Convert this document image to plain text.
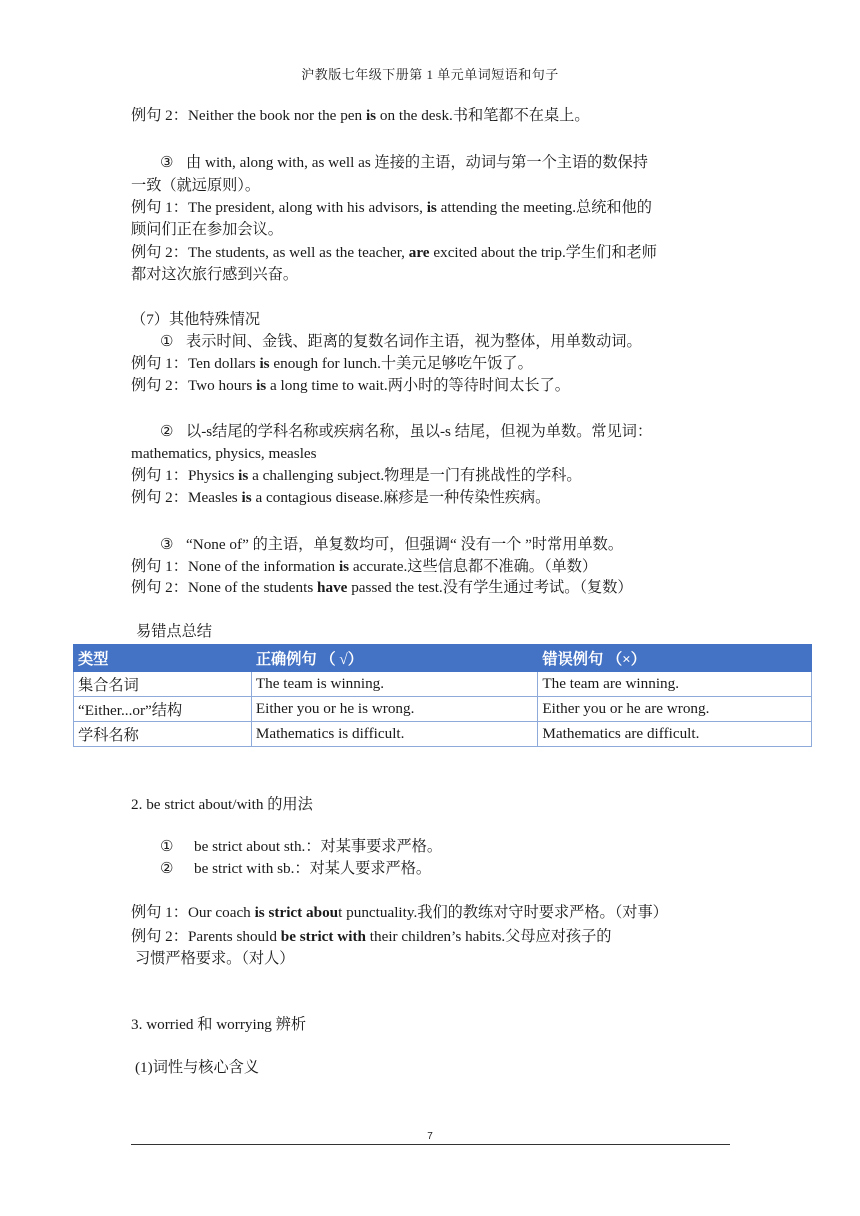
沪教版七年级下册第 1 单元单词短语和句子
例句 2：Neither the book nor the pen is on the desk.书和笔都不在桌上。
③ 由 with, along with, as well as 连接的主语，动词与第一个主语的数保持
一致（就远原则）。
例句 1：The president, along with his advisors, is attending the meeting.总统和他的
顾问们正在参加会议。
例句 2：The students, as well as the teacher, are excited about the trip.学生们和老师
都对这次旅行感到兴奋。
（7）其他特殊情况
① 表示时间、金钱、距离的复数名词作主语，视为整体，用单数动词。
例句 1：Ten dollars is enough for lunch.十美元足够吃午饭了。
例句 2：Two hours is a long time to wait.两小时的等待时间太长了。
② 以-s结尾的学科名称或疾病名称，虽以-s 结尾，但视为单数。常见词：
mathematics, physics, measles
例句 1：Physics is a challenging subject.物理是一门有挑战性的学科。
例句 2：Measles is a contagious disease.麻疹是一种传染性疾病。
③ “None of” 的主语，单复数均可，但强调“ 没有一个 ”时常用单数。
例句 1：None of the information is accurate.这些信息都不准确。（单数）
例句 2：None of the students have passed the test.没有学生通过考试。（复数）
易错点总结
类型	正确例句 （ √）	错误例句 （×）
集合名词	The team is winning.	The team are winning.
“Either...or”结构	Either you or he is wrong.	Either you or he are wrong.
学科名称	Mathematics is difficult.	Mathematics are difficult.
2. be strict about/with 的用法
① be strict about sth.：对某事要求严格。
② be strict with sb.：对某人要求严格。
例句 1：Our coach is strict about punctuality.我们的教练对守时要求严格。（对事）
例句 2：Parents should be strict with their children’s habits.父母应对孩子的
习惯严格要求。（对人）
3. worried 和 worrying 辨析
(1)词性与核心含义
7
